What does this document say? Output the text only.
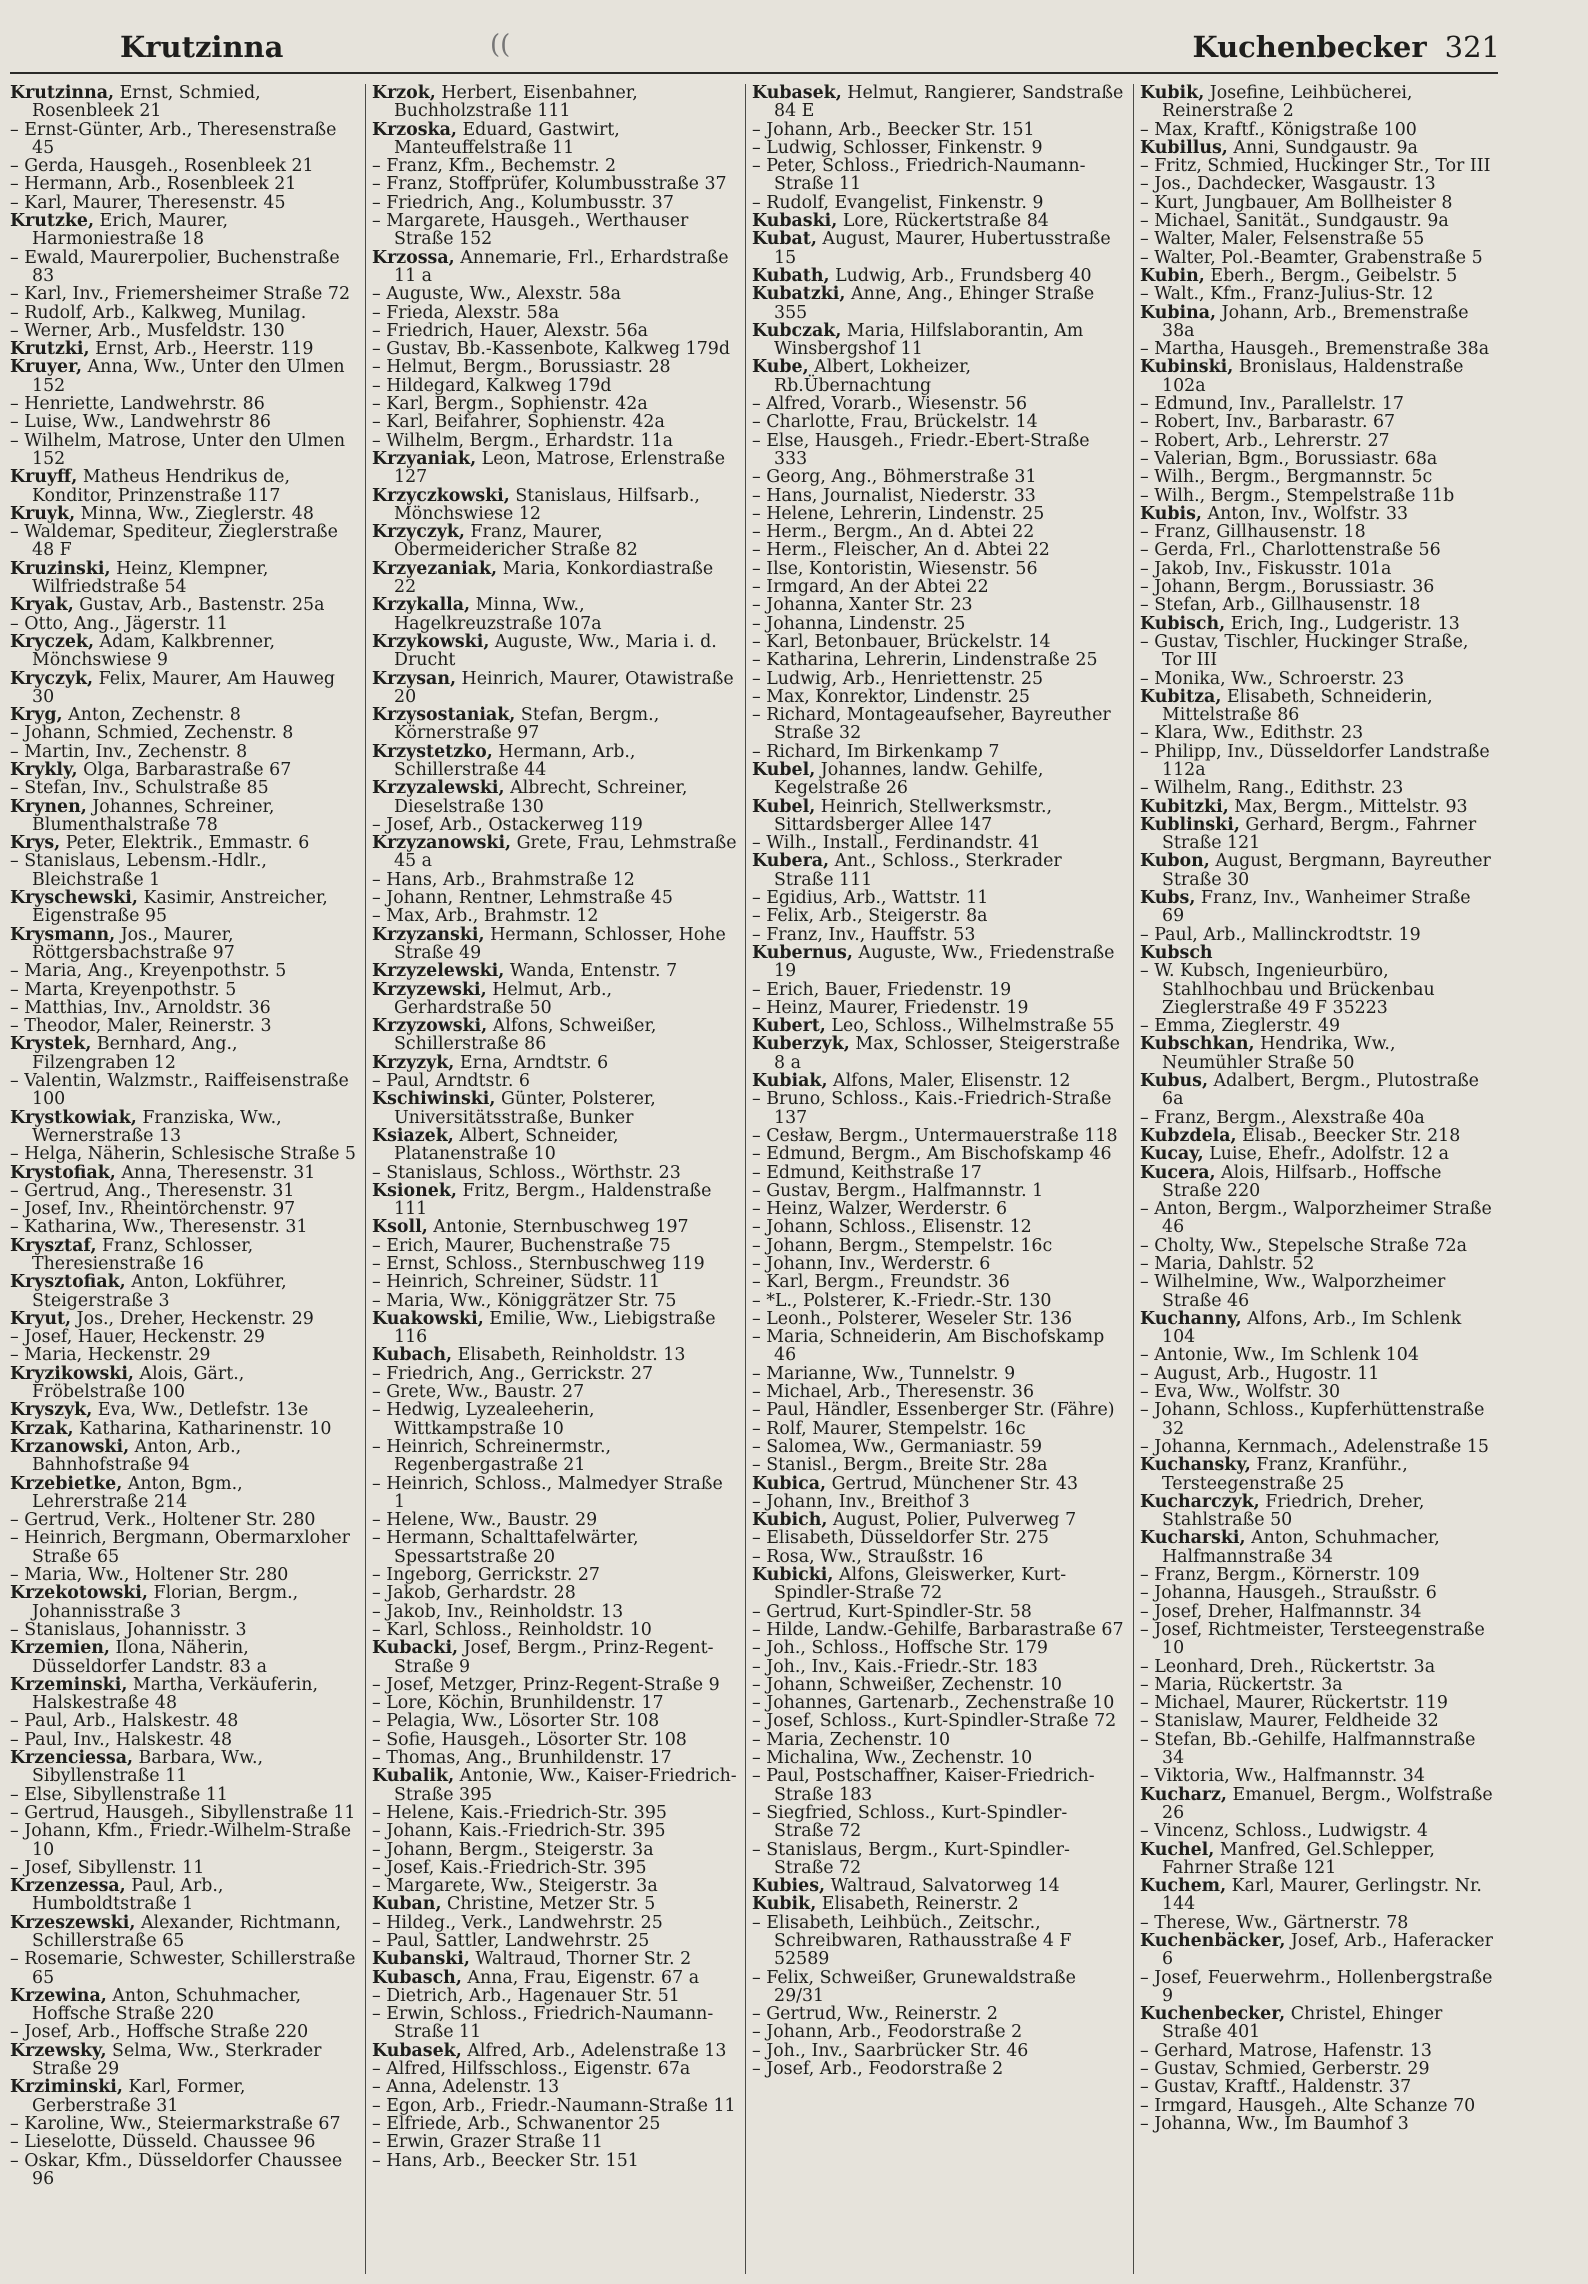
Krutzinna	((	Kuchenbecker 321

Krutzinna, Ernst, Schmied, Rosenbleek 21

– Ernst-Günter, Arb., Theresenstraße 45

– Gerda, Hausgeh., Rosenbleek 21

– Hermann, Arb., Rosenbleek 21

– Karl, Maurer, Theresenstr. 45

Krutzke, Erich, Maurer, Harmoniestraße 18

– Ewald, Maurerpolier, Buchenstraße 83

– Karl, Inv., Friemersheimer Straße 72

– Rudolf, Arb., Kalkweg, Munilag.

– Werner, Arb., Musfeldstr. 130

Krutzki, Ernst, Arb., Heerstr. 119

Kruyer, Anna, Ww., Unter den Ulmen 152

– Henriette, Landwehrstr. 86

– Luise, Ww., Landwehrstr 86

– Wilhelm, Matrose, Unter den Ulmen 152

Kruyff, Matheus Hendrikus de, Konditor, Prinzenstraße 117

Kruyk, Minna, Ww., Zieglerstr. 48

– Waldemar, Spediteur, Zieglerstraße 48 F

Kruzinski, Heinz, Klempner, Wilfriedstraße 54

Kryak, Gustav, Arb., Bastenstr. 25a

– Otto, Ang., Jägerstr. 11

Kryczek, Adam, Kalkbrenner, Mönchswiese 9

Kryczyk, Felix, Maurer, Am Hauweg 30

Kryg, Anton, Zechenstr. 8

– Johann, Schmied, Zechenstr. 8

– Martin, Inv., Zechenstr. 8

Krykly, Olga, Barbarastraße 67

– Stefan, Inv., Schulstraße 85

Krynen, Johannes, Schreiner, Blumenthalstraße 78

Krys, Peter, Elektrik., Emmastr. 6

– Stanislaus, Lebensm.-Hdlr., Bleichstraße 1

Kryschewski, Kasimir, Anstreicher, Eigenstraße 95

Krysmann, Jos., Maurer, Röttgersbachstraße 97

– Maria, Ang., Kreyenpothstr. 5

– Marta, Kreyenpothstr. 5

– Matthias, Inv., Arnoldstr. 36

– Theodor, Maler, Reinerstr. 3

Krystek, Bernhard, Ang., Filzengraben 12

– Valentin, Walzmstr., Raiffeisenstraße 100

Krystkowiak, Franziska, Ww., Wernerstraße 13

– Helga, Näherin, Schlesische Straße 5

Krystofiak, Anna, Theresenstr. 31

– Gertrud, Ang., Theresenstr. 31

– Josef, Inv., Rheintörchenstr. 97

– Katharina, Ww., Theresenstr. 31

Krysztaf, Franz, Schlosser, Theresienstraße 16

Krysztofiak, Anton, Lokführer, Steigerstraße 3

Kryut, Jos., Dreher, Heckenstr. 29

– Josef, Hauer, Heckenstr. 29

– Maria, Heckenstr. 29

Kryzikowski, Alois, Gärt., Fröbelstraße 100

Kryszyk, Eva, Ww., Detlefstr. 13e

Krzak, Katharina, Katharinenstr. 10

Krzanowski, Anton, Arb., Bahnhofstraße 94

Krzebietke, Anton, Bgm., Lehrerstraße 214

– Gertrud, Verk., Holtener Str. 280

– Heinrich, Bergmann, Obermarxloher Straße 65

– Maria, Ww., Holtener Str. 280

Krzekotowski, Florian, Bergm., Johannisstraße 3

– Stanislaus, Johannisstr. 3

Krzemien, Ilona, Näherin, Düsseldorfer Landstr. 83 a

Krzeminski, Martha, Verkäuferin, Halskestraße 48

– Paul, Arb., Halskestr. 48

– Paul, Inv., Halskestr. 48

Krzenciessa, Barbara, Ww., Sibyllenstraße 11

– Else, Sibyllenstraße 11

– Gertrud, Hausgeh., Sibyllenstraße 11

– Johann, Kfm., Friedr.-Wilhelm-Straße 10

– Josef, Sibyllenstr. 11

Krzenzessa, Paul, Arb., Humboldtstraße 1

Krzeszewski, Alexander, Richtmann, Schillerstraße 65

– Rosemarie, Schwester, Schillerstraße 65

Krzewina, Anton, Schuhmacher, Hoffsche Straße 220

– Josef, Arb., Hoffsche Straße 220

Krzewsky, Selma, Ww., Sterkrader Straße 29

Krziminski, Karl, Former, Gerberstraße 31

– Karoline, Ww., Steiermarkstraße 67

– Lieselotte, Düsseld. Chaussee 96

– Oskar, Kfm., Düsseldorfer Chaussee 96

Krzok, Herbert, Eisenbahner, Buchholzstraße 111

Krzoska, Eduard, Gastwirt, Manteuffelstraße 11

– Franz, Kfm., Bechemstr. 2

– Franz, Stoffprüfer, Kolumbusstraße 37

– Friedrich, Ang., Kolumbusstr. 37

– Margarete, Hausgeh., Werthauser Straße 152

Krzossa, Annemarie, Frl., Erhardstraße 11 a

– Auguste, Ww., Alexstr. 58a

– Frieda, Alexstr. 58a

– Friedrich, Hauer, Alexstr. 56a

– Gustav, Bb.-Kassenbote, Kalkweg 179d

– Helmut, Bergm., Borussiastr. 28

– Hildegard, Kalkweg 179d

– Karl, Bergm., Sophienstr. 42a

– Karl, Beifahrer, Sophienstr. 42a

– Wilhelm, Bergm., Erhardstr. 11a

Krzyaniak, Leon, Matrose, Erlenstraße 127

Krzyczkowski, Stanislaus, Hilfsarb., Mönchswiese 12

Krzyczyk, Franz, Maurer, Obermeidericher Straße 82

Krzyezaniak, Maria, Konkordiastraße 22

Krzykalla, Minna, Ww., Hagelkreuzstraße 107a

Krzykowski, Auguste, Ww., Maria i. d. Drucht

Krzysan, Heinrich, Maurer, Otawistraße 20

Krzysostaniak, Stefan, Bergm., Körnerstraße 97

Krzystetzko, Hermann, Arb., Schillerstraße 44

Krzyzalewski, Albrecht, Schreiner, Dieselstraße 130

– Josef, Arb., Ostackerweg 119

Krzyzanowski, Grete, Frau, Lehmstraße 45 a

– Hans, Arb., Brahmstraße 12

– Johann, Rentner, Lehmstraße 45

– Max, Arb., Brahmstr. 12

Krzyzanski, Hermann, Schlosser, Hohe Straße 49

Krzyzelewski, Wanda, Entenstr. 7

Krzyzewski, Helmut, Arb., Gerhardstraße 50

Krzyzowski, Alfons, Schweißer, Schillerstraße 86

Krzyzyk, Erna, Arndtstr. 6

– Paul, Arndtstr. 6

Kschiwinski, Günter, Polsterer, Universitätsstraße, Bunker

Ksiazek, Albert, Schneider, Platanenstraße 10

– Stanislaus, Schloss., Wörthstr. 23

Ksionek, Fritz, Bergm., Haldenstraße 111

Ksoll, Antonie, Sternbuschweg 197

– Erich, Maurer, Buchenstraße 75

– Ernst, Schloss., Sternbuschweg 119

– Heinrich, Schreiner, Südstr. 11

– Maria, Ww., Königgrätzer Str. 75

Kuakowski, Emilie, Ww., Liebigstraße 116

Kubach, Elisabeth, Reinholdstr. 13

– Friedrich, Ang., Gerrickstr. 27

– Grete, Ww., Baustr. 27

– Hedwig, Lyzealeeherin, Wittkampstraße 10

– Heinrich, Schreinermstr., Regenbergastraße 21

– Heinrich, Schloss., Malmedyer Straße 1

– Helene, Ww., Baustr. 29

– Hermann, Schalttafelwärter, Spessartstraße 20

– Ingeborg, Gerrickstr. 27

– Jakob, Gerhardstr. 28

– Jakob, Inv., Reinholdstr. 13

– Karl, Schloss., Reinholdstr. 10

Kubacki, Josef, Bergm., Prinz-Regent-Straße 9

– Josef, Metzger, Prinz-Regent-Straße 9

– Lore, Köchin, Brunhildenstr. 17

– Pelagia, Ww., Lösorter Str. 108

– Sofie, Hausgeh., Lösorter Str. 108

– Thomas, Ang., Brunhildenstr. 17

Kubalik, Antonie, Ww., Kaiser-Friedrich-Straße 395

– Helene, Kais.-Friedrich-Str. 395

– Johann, Kais.-Friedrich-Str. 395

– Johann, Bergm., Steigerstr. 3a

– Josef, Kais.-Friedrich-Str. 395

– Margarete, Ww., Steigerstr. 3a

Kuban, Christine, Metzer Str. 5

– Hildeg., Verk., Landwehrstr. 25

– Paul, Sattler, Landwehrstr. 25

Kubanski, Waltraud, Thorner Str. 2

Kubasch, Anna, Frau, Eigenstr. 67 a

– Dietrich, Arb., Hagenauer Str. 51

– Erwin, Schloss., Friedrich-Naumann-Straße 11

Kubasek, Alfred, Arb., Adelenstraße 13

– Alfred, Hilfsschloss., Eigenstr. 67a

– Anna, Adelenstr. 13

– Egon, Arb., Friedr.-Naumann-Straße 11

– Elfriede, Arb., Schwanentor 25

– Erwin, Grazer Straße 11

– Hans, Arb., Beecker Str. 151

Kubasek, Helmut, Rangierer, Sandstraße 84 E

– Johann, Arb., Beecker Str. 151

– Ludwig, Schlosser, Finkenstr. 9

– Peter, Schloss., Friedrich-Naumann-Straße 11

– Rudolf, Evangelist, Finkenstr. 9

Kubaski, Lore, Rückertstraße 84

Kubat, August, Maurer, Hubertusstraße 15

Kubath, Ludwig, Arb., Frundsberg 40

Kubatzki, Anne, Ang., Ehinger Straße 355

Kubczak, Maria, Hilfslaborantin, Am Winsbergshof 11

Kube, Albert, Lokheizer, Rb.Übernachtung

– Alfred, Vorarb., Wiesenstr. 56

– Charlotte, Frau, Brückelstr. 14

– Else, Hausgeh., Friedr.-Ebert-Straße 333

– Georg, Ang., Böhmerstraße 31

– Hans, Journalist, Niederstr. 33

– Helene, Lehrerin, Lindenstr. 25

– Herm., Bergm., An d. Abtei 22

– Herm., Fleischer, An d. Abtei 22

– Ilse, Kontoristin, Wiesenstr. 56

– Irmgard, An der Abtei 22

– Johanna, Xanter Str. 23

– Johanna, Lindenstr. 25

– Karl, Betonbauer, Brückelstr. 14

– Katharina, Lehrerin, Lindenstraße 25

– Ludwig, Arb., Henriettenstr. 25

– Max, Konrektor, Lindenstr. 25

– Richard, Montageaufseher, Bayreuther Straße 32

– Richard, Im Birkenkamp 7

Kubel, Johannes, landw. Gehilfe, Kegelstraße 26

Kubel, Heinrich, Stellwerksmstr., Sittardsberger Allee 147

– Wilh., Install., Ferdinandstr. 41

Kubera, Ant., Schloss., Sterkrader Straße 111

– Egidius, Arb., Wattstr. 11

– Felix, Arb., Steigerstr. 8a

– Franz, Inv., Hauffstr. 53

Kubernus, Auguste, Ww., Friedenstraße 19

– Erich, Bauer, Friedenstr. 19

– Heinz, Maurer, Friedenstr. 19

Kubert, Leo, Schloss., Wilhelmstraße 55

Kuberzyk, Max, Schlosser, Steigerstraße 8 a

Kubiak, Alfons, Maler, Elisenstr. 12

– Bruno, Schloss., Kais.-Friedrich-Straße 137

– Cesław, Bergm., Untermauerstraße 118

– Edmund, Bergm., Am Bischofskamp 46

– Edmund, Keithstraße 17

– Gustav, Bergm., Halfmannstr. 1

– Heinz, Walzer, Werderstr. 6

– Johann, Schloss., Elisenstr. 12

– Johann, Bergm., Stempelstr. 16c

– Johann, Inv., Werderstr. 6

– Karl, Bergm., Freundstr. 36

– *L., Polsterer, K.-Friedr.-Str. 130

– Leonh., Polsterer, Weseler Str. 136

– Maria, Schneiderin, Am Bischofskamp 46

– Marianne, Ww., Tunnelstr. 9

– Michael, Arb., Theresenstr. 36

– Paul, Händler, Essenberger Str. (Fähre)

– Rolf, Maurer, Stempelstr. 16c

– Salomea, Ww., Germaniastr. 59

– Stanisl., Bergm., Breite Str. 28a

Kubica, Gertrud, Münchener Str. 43

– Johann, Inv., Breithof 3

Kubich, August, Polier, Pulverweg 7

– Elisabeth, Düsseldorfer Str. 275

– Rosa, Ww., Straußstr. 16

Kubicki, Alfons, Gleiswerker, Kurt-Spindler-Straße 72

– Gertrud, Kurt-Spindler-Str. 58

– Hilde, Landw.-Gehilfe, Barbarastraße 67

– Joh., Schloss., Hoffsche Str. 179

– Joh., Inv., Kais.-Friedr.-Str. 183

– Johann, Schweißer, Zechenstr. 10

– Johannes, Gartenarb., Zechenstraße 10

– Josef, Schloss., Kurt-Spindler-Straße 72

– Maria, Zechenstr. 10

– Michalina, Ww., Zechenstr. 10

– Paul, Postschaffner, Kaiser-Friedrich-Straße 183

– Siegfried, Schloss., Kurt-Spindler-Straße 72

– Stanislaus, Bergm., Kurt-Spindler-Straße 72

Kubies, Waltraud, Salvatorweg 14

Kubik, Elisabeth, Reinerstr. 2

– Elisabeth, Leihbüch., Zeitschr., Schreibwaren, Rathausstraße 4 F 52589

– Felix, Schweißer, Grunewaldstraße 29/31

– Gertrud, Ww., Reinerstr. 2

– Johann, Arb., Feodorstraße 2

– Joh., Inv., Saarbrücker Str. 46

– Josef, Arb., Feodorstraße 2

Kubik, Josefine, Leihbücherei, Reinerstraße 2

– Max, Kraftf., Königstraße 100

Kubillus, Anni, Sundgaustr. 9a

– Fritz, Schmied, Huckinger Str., Tor III

– Jos., Dachdecker, Wasgaustr. 13

– Kurt, Jungbauer, Am Bollheister 8

– Michael, Sanität., Sundgaustr. 9a

– Walter, Maler, Felsenstraße 55

– Walter, Pol.-Beamter, Grabenstraße 5

Kubin, Eberh., Bergm., Geibelstr. 5

– Walt., Kfm., Franz-Julius-Str. 12

Kubina, Johann, Arb., Bremenstraße 38a

– Martha, Hausgeh., Bremenstraße 38a

Kubinski, Bronislaus, Haldenstraße 102a

– Edmund, Inv., Parallelstr. 17

– Robert, Inv., Barbarastr. 67

– Robert, Arb., Lehrerstr. 27

– Valerian, Bgm., Borussiastr. 68a

– Wilh., Bergm., Bergmannstr. 5c

– Wilh., Bergm., Stempelstraße 11b

Kubis, Anton, Inv., Wolfstr. 33

– Franz, Gillhausenstr. 18

– Gerda, Frl., Charlottenstraße 56

– Jakob, Inv., Fiskusstr. 101a

– Johann, Bergm., Borussiastr. 36

– Stefan, Arb., Gillhausenstr. 18

Kubisch, Erich, Ing., Ludgeristr. 13

– Gustav, Tischler, Huckinger Straße, Tor III

– Monika, Ww., Schroerstr. 23

Kubitza, Elisabeth, Schneiderin, Mittelstraße 86

– Klara, Ww., Edithstr. 23

– Philipp, Inv., Düsseldorfer Landstraße 112a

– Wilhelm, Rang., Edithstr. 23

Kubitzki, Max, Bergm., Mittelstr. 93

Kublinski, Gerhard, Bergm., Fahrner Straße 121

Kubon, August, Bergmann, Bayreuther Straße 30

Kubs, Franz, Inv., Wanheimer Straße 69

– Paul, Arb., Mallinckrodtstr. 19

Kubsch

– W. Kubsch, Ingenieurbüro, Stahlhochbau und Brückenbau Zieglerstraße 49 F 35223

– Emma, Zieglerstr. 49

Kubschkan, Hendrika, Ww., Neumühler Straße 50

Kubus, Adalbert, Bergm., Plutostraße 6a

– Franz, Bergm., Alexstraße 40a

Kubzdela, Elisab., Beecker Str. 218

Kucay, Luise, Ehefr., Adolfstr. 12 a

Kucera, Alois, Hilfsarb., Hoffsche Straße 220

– Anton, Bergm., Walporzheimer Straße 46

– Cholty, Ww., Stepelsche Straße 72a

– Maria, Dahlstr. 52

– Wilhelmine, Ww., Walporzheimer Straße 46

Kuchanny, Alfons, Arb., Im Schlenk 104

– Antonie, Ww., Im Schlenk 104

– August, Arb., Hugostr. 11

– Eva, Ww., Wolfstr. 30

– Johann, Schloss., Kupferhüttenstraße 32

– Johanna, Kernmach., Adelenstraße 15

Kuchansky, Franz, Kranführ., Tersteegenstraße 25

Kucharczyk, Friedrich, Dreher, Stahlstraße 50

Kucharski, Anton, Schuhmacher, Halfmannstraße 34

– Franz, Bergm., Körnerstr. 109

– Johanna, Hausgeh., Straußstr. 6

– Josef, Dreher, Halfmannstr. 34

– Josef, Richtmeister, Tersteegenstraße 10

– Leonhard, Dreh., Rückertstr. 3a

– Maria, Rückertstr. 3a

– Michael, Maurer, Rückertstr. 119

– Stanislaw, Maurer, Feldheide 32

– Stefan, Bb.-Gehilfe, Halfmannstraße 34

– Viktoria, Ww., Halfmannstr. 34

Kucharz, Emanuel, Bergm., Wolfstraße 26

– Vincenz, Schloss., Ludwigstr. 4

Kuchel, Manfred, Gel.Schlepper, Fahrner Straße 121

Kuchem, Karl, Maurer, Gerlingstr. Nr. 144

– Therese, Ww., Gärtnerstr. 78

Kuchenbäcker, Josef, Arb., Haferacker 6

– Josef, Feuerwehrm., Hollenbergstraße 9

Kuchenbecker, Christel, Ehinger Straße 401

– Gerhard, Matrose, Hafenstr. 13

– Gustav, Schmied, Gerberstr. 29

– Gustav, Kraftf., Haldenstr. 37

– Irmgard, Hausgeh., Alte Schanze 70

– Johanna, Ww., Im Baumhof 3
